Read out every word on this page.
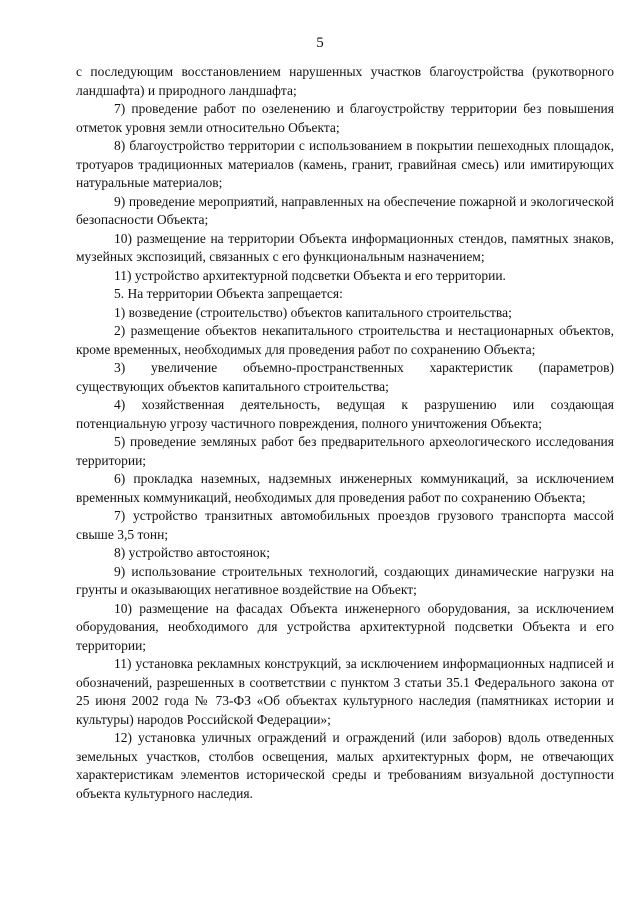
5

с последующим восстановлением нарушенных участков благоустройства (рукотворного ландшафта) и природного ландшафта;

7) проведение работ по озеленению и благоустройству территории без повышения отметок уровня земли относительно Объекта;

8) благоустройство территории с использованием в покрытии пешеходных площадок, тротуаров традиционных материалов (камень, гранит, гравийная смесь) или имитирующих натуральные материалов;

9) проведение мероприятий, направленных на обеспечение пожарной и экологической безопасности Объекта;

10) размещение на территории Объекта информационных стендов, памятных знаков, музейных экспозиций, связанных с его функциональным назначением;

11) устройство архитектурной подсветки Объекта и его территории.

5. На территории Объекта запрещается:

1) возведение (строительство) объектов капитального строительства;

2) размещение объектов некапитального строительства и нестационарных объектов, кроме временных, необходимых для проведения работ по сохранению Объекта;

3) увеличение объемно-пространственных характеристик (параметров) существующих объектов капитального строительства;

4) хозяйственная деятельность, ведущая к разрушению или создающая потенциальную угрозу частичного повреждения, полного уничтожения Объекта;

5) проведение земляных работ без предварительного археологического исследования территории;

6) прокладка наземных, надземных инженерных коммуникаций, за исключением временных коммуникаций, необходимых для проведения работ по сохранению Объекта;

7) устройство транзитных автомобильных проездов грузового транспорта массой свыше 3,5 тонн;

8) устройство автостоянок;

9) использование строительных технологий, создающих динамические нагрузки на грунты и оказывающих негативное воздействие на Объект;

10) размещение на фасадах Объекта инженерного оборудования, за исключением оборудования, необходимого для устройства архитектурной подсветки Объекта и его территории;

11) установка рекламных конструкций, за исключением информационных надписей и обозначений, разрешенных в соответствии с пунктом 3 статьи 35.1 Федерального закона от 25 июня 2002 года № 73-ФЗ «Об объектах культурного наследия (памятниках истории и культуры) народов Российской Федерации»;

12) установка уличных ограждений и ограждений (или заборов) вдоль отведенных земельных участков, столбов освещения, малых архитектурных форм, не отвечающих характеристикам элементов исторической среды и требованиям визуальной доступности объекта культурного наследия.
